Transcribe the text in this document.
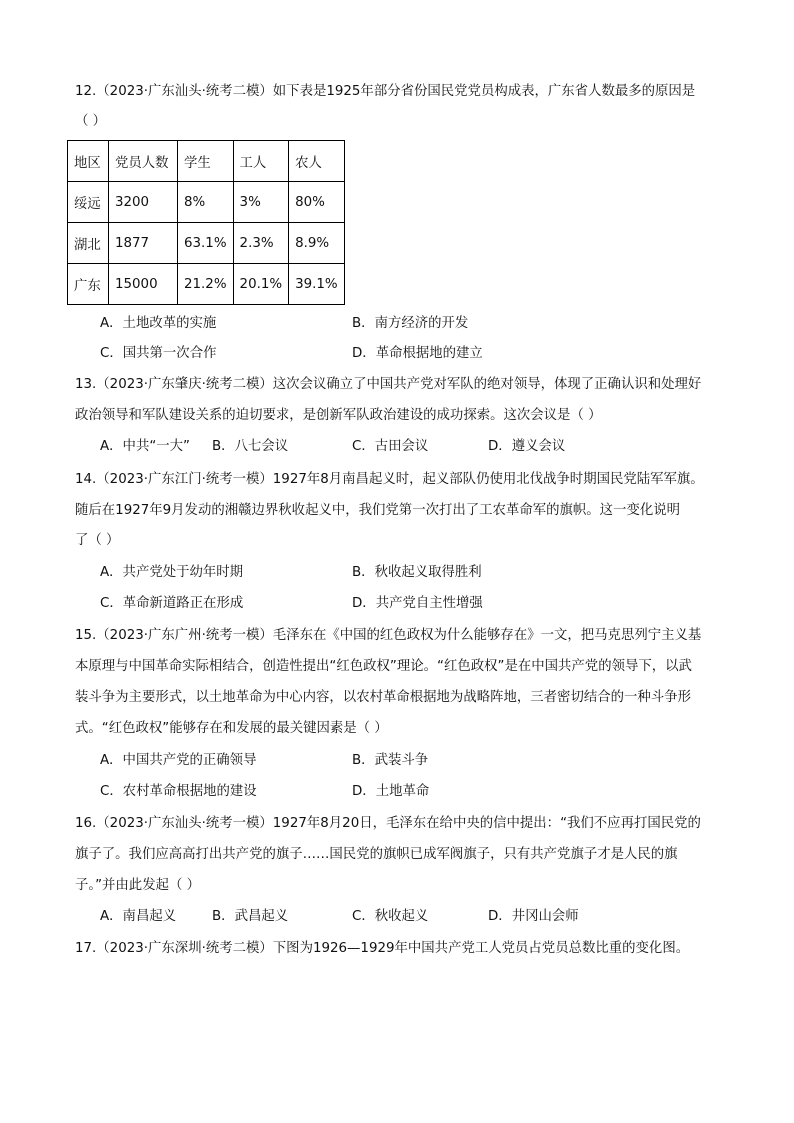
12.（2023·广东汕头·统考二模）如下表是1925年部分省份国民党党员构成表，广东省人数最多的原因是
（ ）
地区	党员人数	学生	工人	农人
绥远	3200	8%	3%	80%
湖北	1877	63.1%	2.3%	8.9%
广东	15000	21.2%	20.1%	39.1%
A．土地改革的实施	B．南方经济的开发
C．国共第一次合作	D．革命根据地的建立
13.（2023·广东肇庆·统考二模）这次会议确立了中国共产党对军队的绝对领导，体现了正确认识和处理好
政治领导和军队建设关系的迫切要求，是创新军队政治建设的成功探索。这次会议是（ ）
A．中共“一大” B．八七会议	C．古田会议	D．遵义会议
14.（2023·广东江门·统考一模）1927年8月南昌起义时，起义部队仍使用北伐战争时期国民党陆军军旗。
随后在1927年9月发动的湘赣边界秋收起义中，我们党第一次打出了工农革命军的旗帜。这一变化说明
了（ ）
A．共产党处于幼年时期	B．秋收起义取得胜利
C．革命新道路正在形成	D．共产党自主性增强
15.（2023·广东广州·统考一模）毛泽东在《中国的红色政权为什么能够存在》一文，把马克思列宁主义基
本原理与中国革命实际相结合，创造性提出“红色政权”理论。“红色政权”是在中国共产党的领导下，以武
装斗争为主要形式，以土地革命为中心内容，以农村革命根据地为战略阵地，三者密切结合的一种斗争形
式。“红色政权”能够存在和发展的最关键因素是（ ）
A．中国共产党的正确领导	B．武装斗争
C．农村革命根据地的建设	D．土地革命
16.（2023·广东汕头·统考一模）1927年8月20日，毛泽东在给中央的信中提出：“我们不应再打国民党的
旗子了。我们应高高打出共产党的旗子……国民党的旗帜已成军阀旗子，只有共产党旗子才是人民的旗
子。”并由此发起（ ）
A．南昌起义	B．武昌起义	C．秋收起义	D．井冈山会师
17.（2023·广东深圳·统考二模）下图为1926—1929年中国共产党工人党员占党员总数比重的变化图。
